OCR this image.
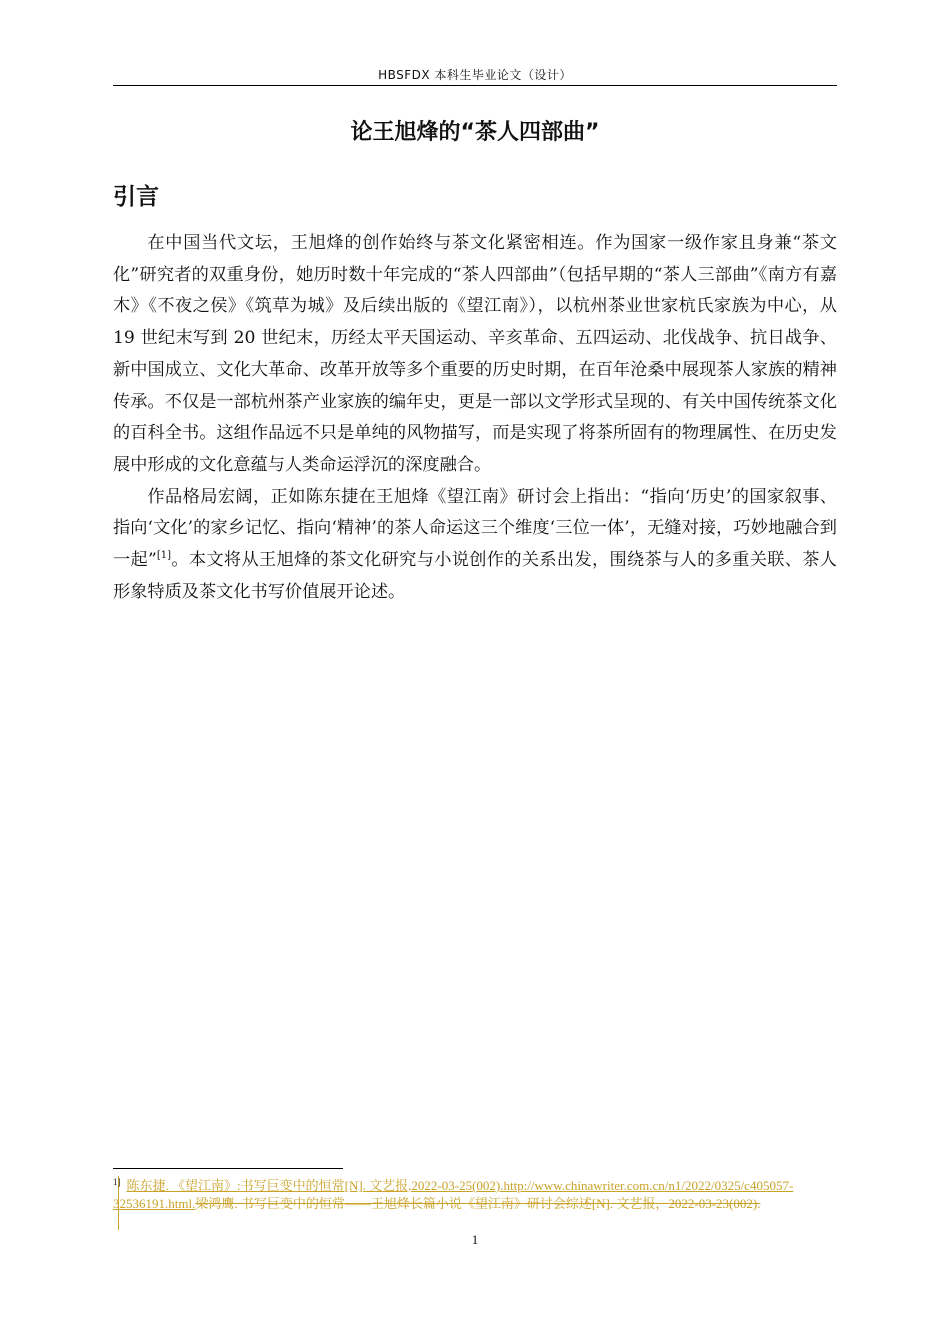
HBSFDX 本科生毕业论文（设计）
论王旭烽的“茶人四部曲”
引言

在中国当代文坛，王旭烽的创作始终与茶文化紧密相连。作为国家一级作家且身兼“茶文化”研究者的双重身份，她历时数十年完成的“茶人四部曲”（包括早期的“茶人三部曲”《南方有嘉木》《不夜之侯》《筑草为城》及后续出版的《望江南》），以杭州茶业世家杭氏家族为中心，从 19 世纪末写到 20 世纪末，历经太平天国运动、辛亥革命、五四运动、北伐战争、抗日战争、新中国成立、文化大革命、改革开放等多个重要的历史时期，在百年沧桑中展现茶人家族的精神传承。不仅是一部杭州茶产业家族的编年史，更是一部以文学形式呈现的、有关中国传统茶文化的百科全书。这组作品远不只是单纯的风物描写，而是实现了将茶所固有的物理属性、在历史发展中形成的文化意蕴与人类命运浮沉的深度融合。

作品格局宏阔，正如陈东捷在王旭烽《望江南》研讨会上指出：“指向‘历史’的国家叙事、指向‘文化’的家乡记忆、指向‘精神’的茶人命运这三个维度‘三位一体’，无缝对接，巧妙地融合到一起”[1]。本文将从王旭烽的茶文化研究与小说创作的关系出发，围绕茶与人的多重关联、茶人形象特质及茶文化书写价值展开论述。

$^{1]}$ 陈东捷. 《望江南》:书写巨变中的恒常[N]. 文艺报,2022-03-25(002).http://www.chinawriter.com.cn/n1/2022/0325/c405057-32536191.html.梁鸿鹰. 书写巨变中的恒常——王旭烽长篇小说《望江南》研讨会综述[N]. 文艺报，2022-03-23(002).
1
